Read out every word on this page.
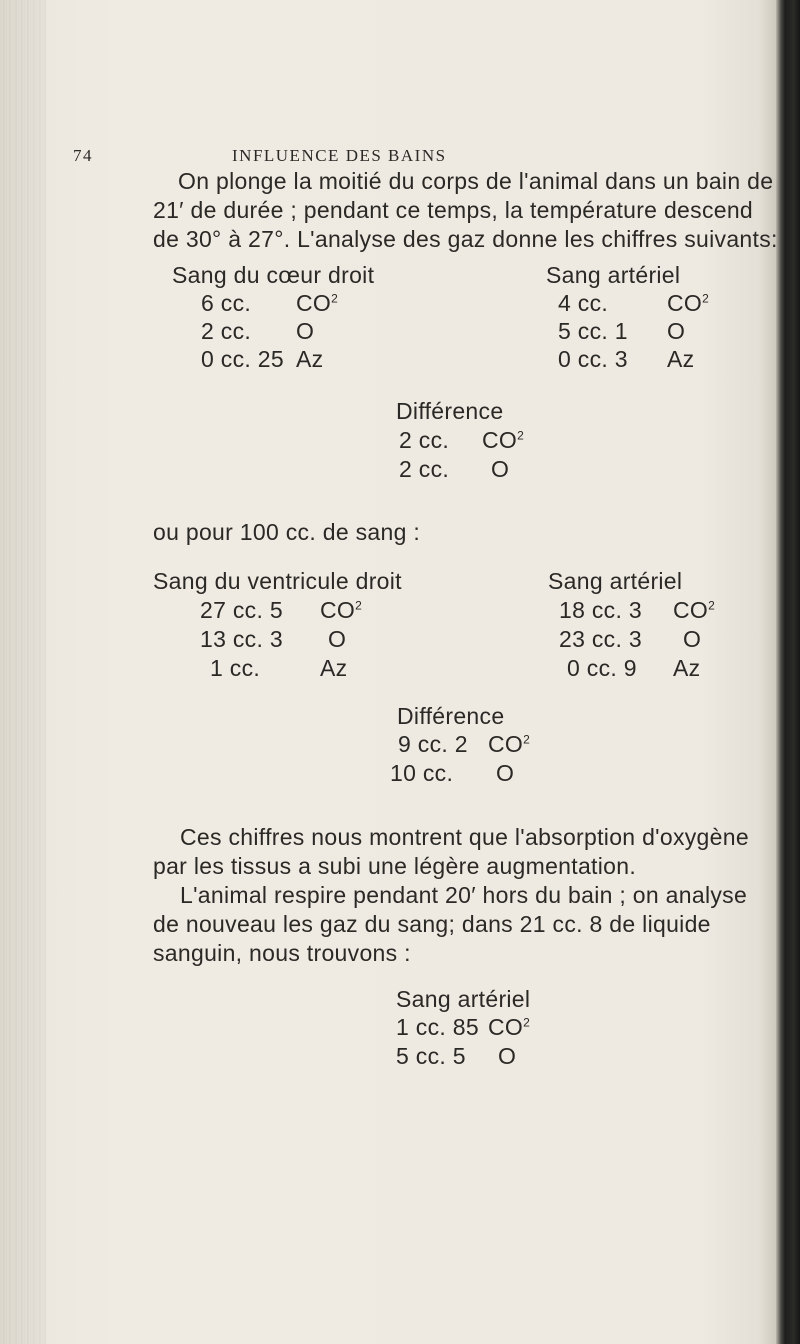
74	INFLUENCE DES BAINS
On plonge la moitié du corps de l'animal dans un bain de
21′ de durée ; pendant ce temps, la température descend
de 30° à 27°. L'analyse des gaz donne les chiffres suivants:
Sang du cœur droit
6 cc. $CO^2$
2 cc. O
0 cc. 25 Az
Sang artériel
4 cc.	$CO^2$
5 cc. 1 O
0 cc. 3 Az
Différence
2 cc. $CO^2$
2 cc. O
ou pour 100 cc. de sang :
Sang du ventricule droit
27 cc. 5 $CO^2$
13 cc. 3 O
1 cc.	Az
Sang artériel
18 cc. 3 $CO^2$
23 cc. 3 O
0 cc. 9 Az
Différence
9 cc. 2 $CO^2$
10 cc. O
Ces chiffres nous montrent que l'absorption d'oxygène
par les tissus a subi une légère augmentation.
L'animal respire pendant 20′ hors du bain ; on analyse
de nouveau les gaz du sang; dans 21 cc. 8 de liquide
sanguin, nous trouvons :
Sang artériel
1 cc. 85 $CO^2$
5 cc. 5 O
